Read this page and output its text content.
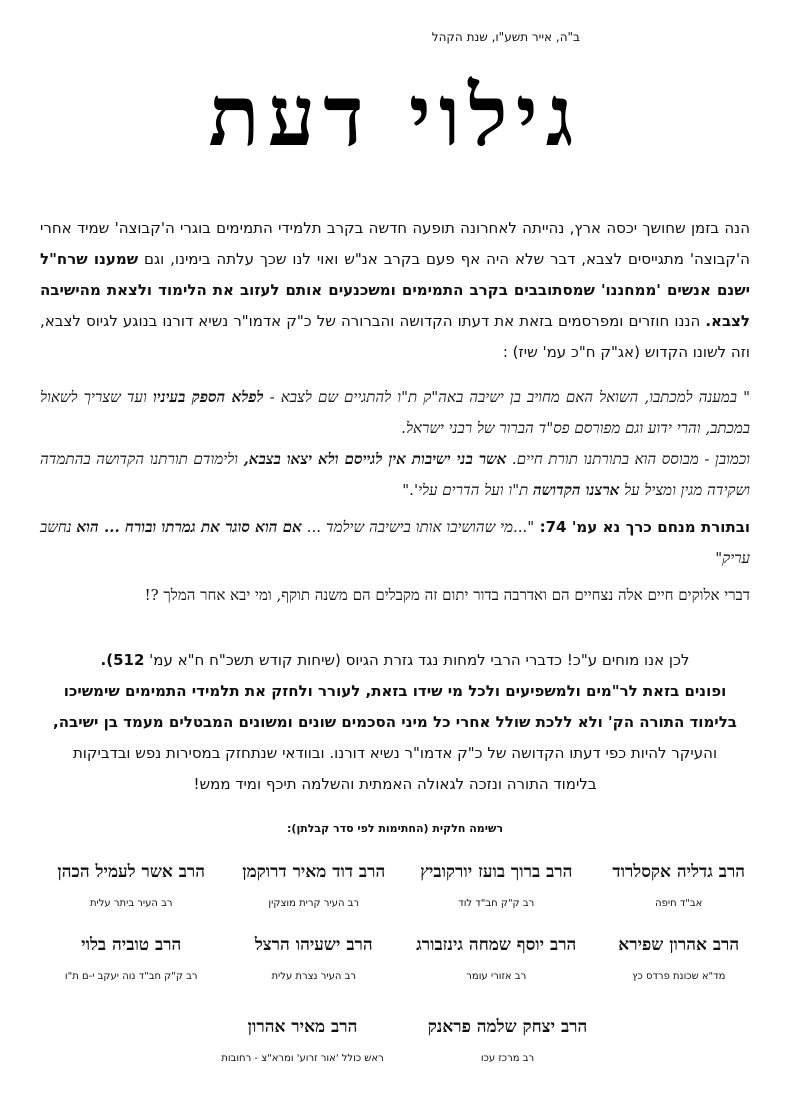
ב"ה, אייר תשע"ו, שנת הקהל
גילוי דעת

הנה בזמן שחושך יכסה ארץ, נהייתה לאחרונה תופעה חדשה בקרב תלמידי התמימים בוגרי ה'קבוצה' שמיד אחרי ה'קבוצה' מתגייסים לצבא, דבר שלא היה אף פעם בקרב אנ"ש ואוי לנו שכך עלתה בימינו, וגם שמענו שרח"ל ישנם אנשים 'ממחננו' שמסתובבים בקרב התמימים ומשכנעים אותם לעזוב את הלימוד ולצאת מהישיבה לצבא. הננו חוזרים ומפרסמים בזאת את דעתו הקדושה והברורה של כ"ק אדמו"ר נשיא דורנו בנוגע לגיוס לצבא, וזה לשונו הקדוש (אג"ק ח"כ עמ' שיז) :

" במענה למכתבו, השואל האם מחויב בן ישיבה באה"ק ת"ו להתגיים שם לצבא - לפלא הספק בעיניו ועד שצריך לשאול במכתב, והרי ידוע וגם מפורסם פס"ד הברור של רבני ישראל.

וכמובן - מבוסס הוא בתורתנו תורת חיים. אשר בני ישיבות אין לגייסם ולא יצאו בצבא, ולימודם תורתנו הקדושה בהתמדה ושקידה מגין ומציל על ארצנו הקדושה ת"ו ועל הדרים עלי'."

ובתורת מנחם כרך נא עמ' 74: "...מי שהושיבו אותו בישיבה שילמד ... אם הוא סוגר את גמרתו ובורח ... הוא נחשב עריק"

דברי אלוקים חיים אלה נצחיים הם ואדרבה בדור יתום זה מקבלים הם משנה תוקף, ומי יבא אחר המלך ?!

לכן אנו מוחים ע"כ! כדברי הרבי למחות נגד גזרת הגיוס (שיחות קודש תשכ"ח ח"א עמ' 512).

ופונים בזאת לר"מים ולמשפיעים ולכל מי שידו בזאת, לעורר ולחזק את תלמידי התמימים שימשיכו

בלימוד התורה הק' ולא ללכת שולל אחרי כל מיני הסכמים שונים ומשונים המבטלים מעמד בן ישיבה,

והעיקר להיות כפי דעתו הקדושה של כ"ק אדמו"ר נשיא דורנו. ובוודאי שנתחזק במסירות נפש ובדביקות

בלימוד התורה ונזכה לגאולה האמתית והשלמה תיכף ומיד ממש!

רשימה חלקית (החתימות לפי סדר קבלתן):
הרב גדליה אקסלרוד
אב"ד חיפה
הרב ברוך בועז יורקוביץ
רב ק"ק חב"ד לוד
הרב דוד מאיר דרוקמן
רב העיר קרית מוצקין
הרב אשר לעמיל הכהן
רב העיר ביתר עלית
הרב אהרון שפירא
מד"א שכונת פרדס כץ
הרב יוסף שמחה גינזבורג
רב אזורי עומר
הרב ישעיהו הרצל
רב העיר נצרת עלית
הרב טוביה בלוי
רב ק"ק חב"ד נוה יעקב י-ם ת"ו
הרב יצחק שלמה פראנק
רב מרכז עכו
הרב מאיר אהרון
ראש כולל 'אור זרוע' ומרא"צ - רחובות
